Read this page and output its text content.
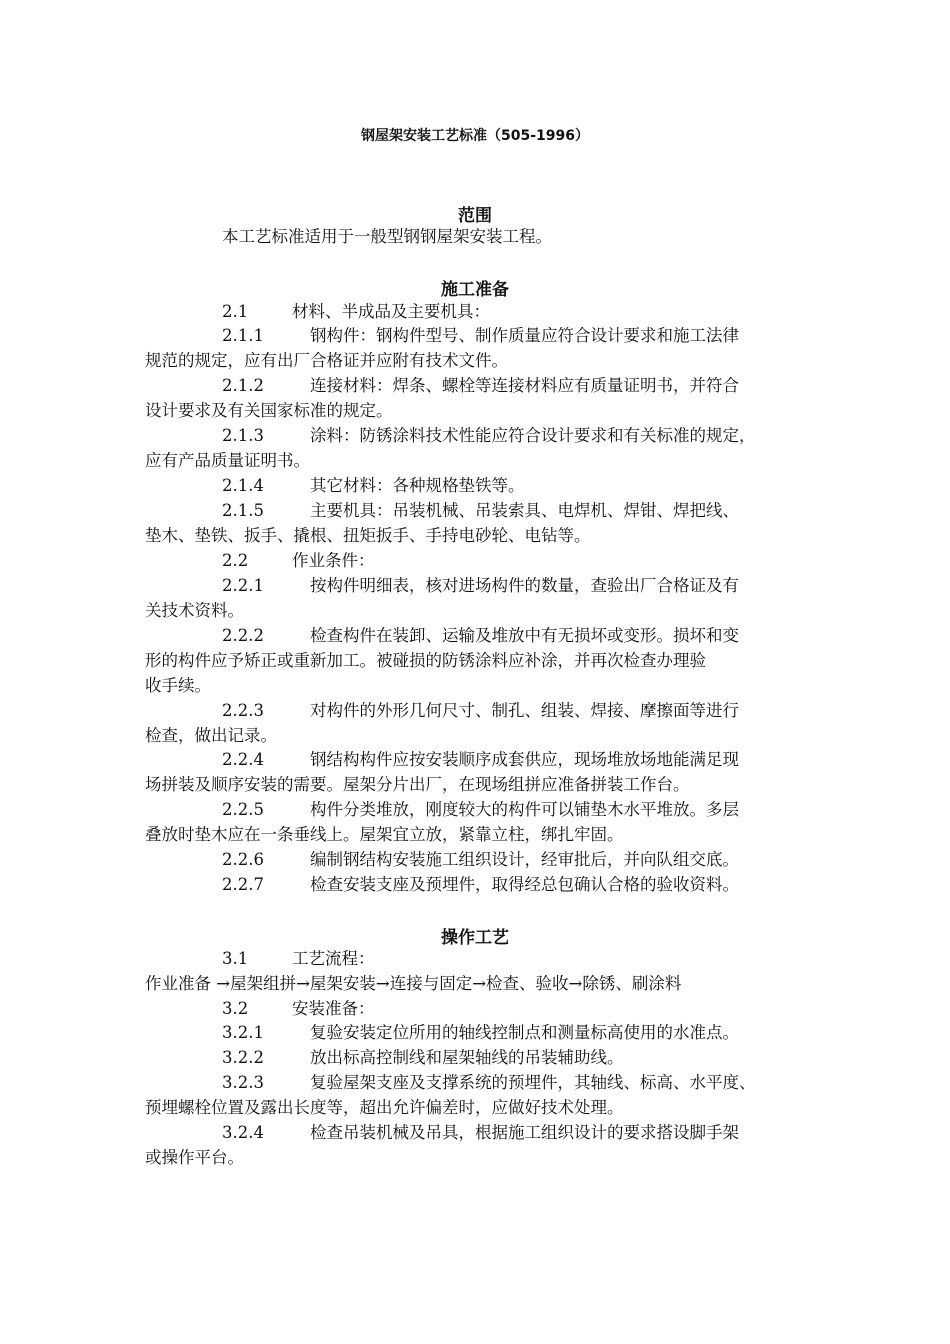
钢屋架安装工艺标准（505-1996）
范围
本工艺标准适用于一般型钢钢屋架安装工程。
施工准备
2.1	材料、半成品及主要机具：
2.1.1	钢构件：钢构件型号、制作质量应符合设计要求和施工法律
规范的规定，应有出厂合格证并应附有技术文件。
2.1.2	连接材料：焊条、螺栓等连接材料应有质量证明书，并符合
设计要求及有关国家标准的规定。
2.1.3	涂料：防锈涂料技术性能应符合设计要求和有关标准的规定，
应有产品质量证明书。
2.1.4	其它材料：各种规格垫铁等。
2.1.5	主要机具：吊装机械、吊装索具、电焊机、焊钳、焊把线、
垫木、垫铁、扳手、撬根、扭矩扳手、手持电砂轮、电钻等。
2.2	作业条件：
2.2.1	按构件明细表，核对进场构件的数量，查验出厂合格证及有
关技术资料。
2.2.2	检查构件在装卸、运输及堆放中有无损坏或变形。损坏和变
形的构件应予矫正或重新加工。被碰损的防锈涂料应补涂，并再次检查办理验
收手续。
2.2.3	对构件的外形几何尺寸、制孔、组装、焊接、摩擦面等进行
检查，做出记录。
2.2.4	钢结构构件应按安装顺序成套供应，现场堆放场地能满足现
场拼装及顺序安装的需要。屋架分片出厂，在现场组拼应准备拼装工作台。
2.2.5	构件分类堆放，刚度较大的构件可以铺垫木水平堆放。多层
叠放时垫木应在一条垂线上。屋架宜立放，紧靠立柱，绑扎牢固。
2.2.6	编制钢结构安装施工组织设计，经审批后，并向队组交底。
2.2.7	检查安装支座及预埋件，取得经总包确认合格的验收资料。
操作工艺
3.1	工艺流程：
作业准备 →屋架组拼→屋架安装→连接与固定→检查、验收→除锈、刷涂料
3.2	安装准备：
3.2.1	复验安装定位所用的轴线控制点和测量标高使用的水准点。
3.2.2	放出标高控制线和屋架轴线的吊装辅助线。
3.2.3	复验屋架支座及支撑系统的预埋件，其轴线、标高、水平度、
预埋螺栓位置及露出长度等，超出允许偏差时，应做好技术处理。
3.2.4	检查吊装机械及吊具，根据施工组织设计的要求搭设脚手架
或操作平台。
